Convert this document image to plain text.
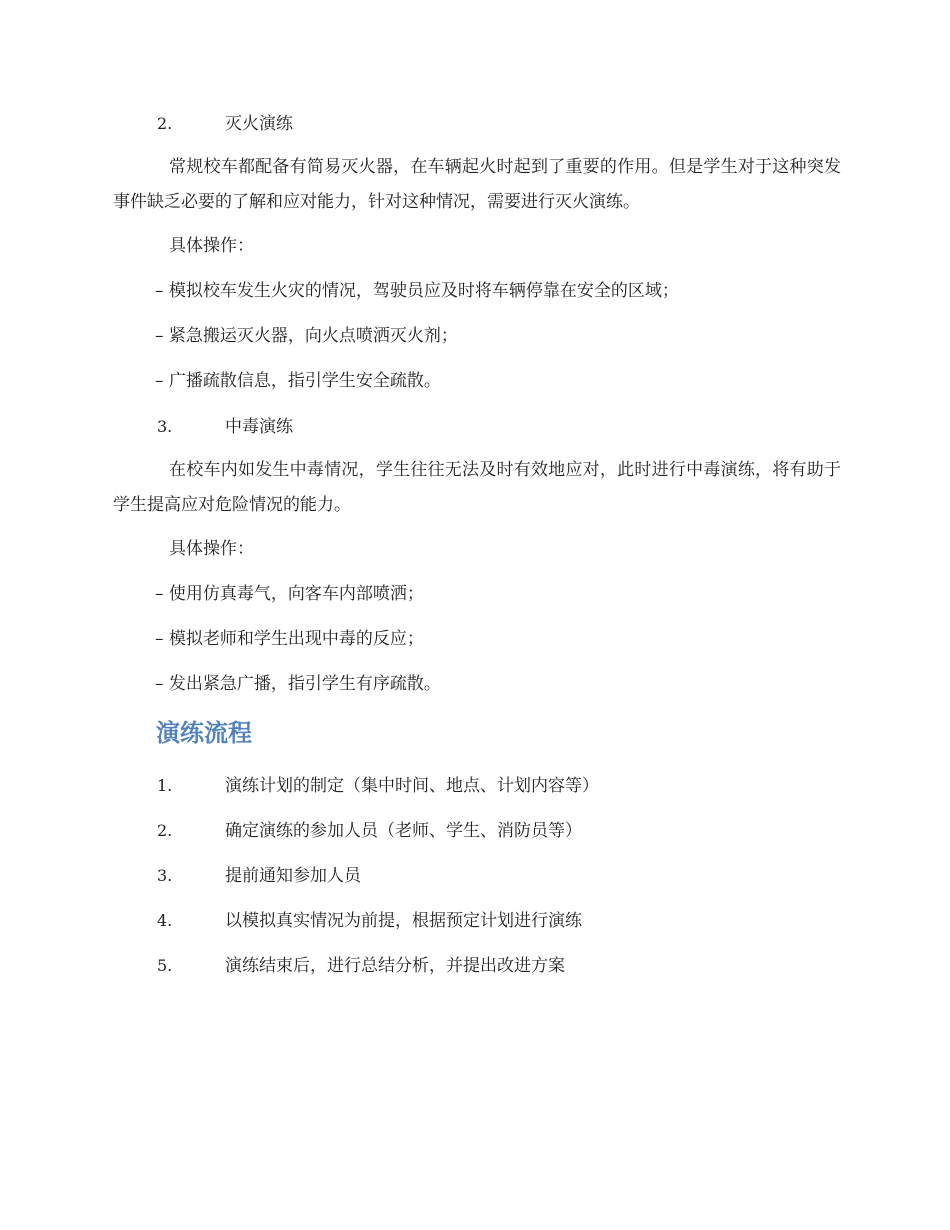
2.	灭火演练
常规校车都配备有简易灭火器，在车辆起火时起到了重要的作用。但是学生对于这种突发事件缺乏必要的了解和应对能力，针对这种情况，需要进行灭火演练。
具体操作：
– 模拟校车发生火灾的情况，驾驶员应及时将车辆停靠在安全的区域；
– 紧急搬运灭火器，向火点喷洒灭火剂；
– 广播疏散信息，指引学生安全疏散。
3.	中毒演练
在校车内如发生中毒情况，学生往往无法及时有效地应对，此时进行中毒演练，将有助于学生提高应对危险情况的能力。
具体操作：
– 使用仿真毒气，向客车内部喷洒；
– 模拟老师和学生出现中毒的反应；
– 发出紧急广播，指引学生有序疏散。
演练流程
1.	演练计划的制定（集中时间、地点、计划内容等）
2.	确定演练的参加人员（老师、学生、消防员等）
3.	提前通知参加人员
4.	以模拟真实情况为前提，根据预定计划进行演练
5.	演练结束后，进行总结分析，并提出改进方案
